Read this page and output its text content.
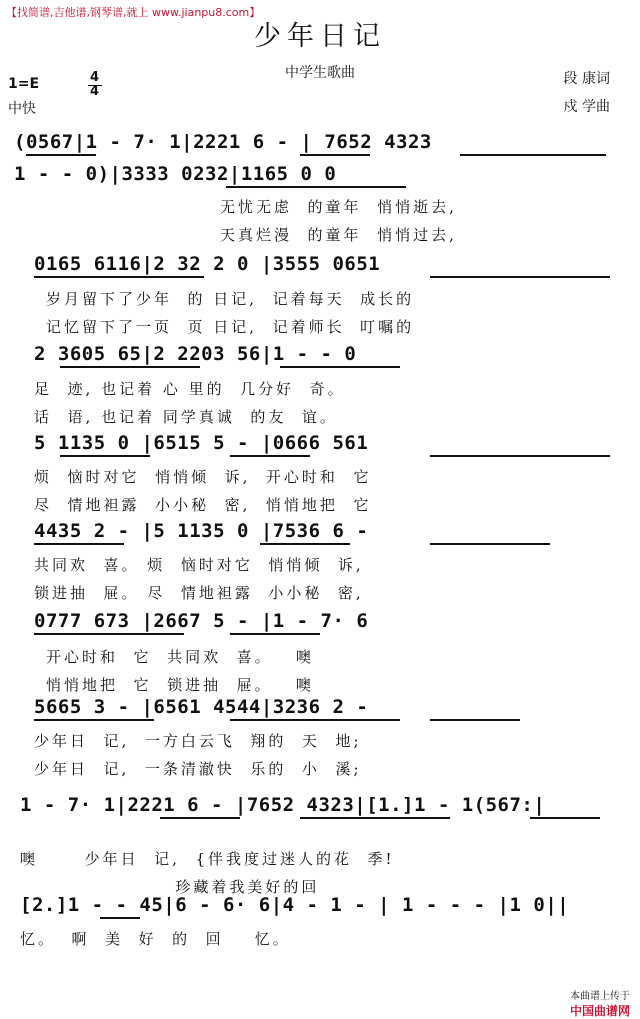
【找简谱,吉他谱,钢琴谱,就上 www.jianpu8.com】
少年日记
中学生歌曲	段 康词
戍 学曲

1=E

	4

4

中快
(0567|1 - 7· 1|2221 6 - | 7652 4323
1 - - 0)|3333 0232|1165 0 0
无忧无虑  的童年  悄悄逝去,
天真烂漫  的童年  悄悄过去,
0165 6116|2 32 2 0 |3555 0651
岁月留下了少年  的 日记,  记着每天  成长的
记忆留下了一页  页 日记,  记着师长  叮嘱的
2 3605 65|2 2203 56|1 - - 0
足  迹, 也记着 心 里的  几分好  奇。
话  语, 也记着 同学真诚  的友  谊。
5 1135 0 |6515 5 - |0666 561
烦  恼时对它  悄悄倾  诉,  开心时和  它
尽  情地袒露  小小秘  密,  悄悄地把  它
4435 2 - |5 1135 0 |7536 6 -
共同欢  喜。 烦  恼时对它  悄悄倾  诉,
锁进抽  屉。 尽  情地袒露  小小秘  密,
0777 673 |2667 5 - |1 - 7· 6
开心时和  它  共同欢  喜。   噢
悄悄地把  它  锁进抽  屉。   噢
5665 3 - |6561 4544|3236 2 -
少年日  记,  一方白云飞  翔的  天  地;
少年日  记,  一条清澈快  乐的  小  溪;
1 - 7· 1|2221 6 - |7652 4323|[1.]1 - 1(567:|
噢      少年日  记,  {伴我度过迷人的花  季!
珍藏着我美好的回
[2.]1 - - 45|6 - 6· 6|4 - 1 - | 1 - - - |1 0||
忆。  啊  美  好  的  回    忆。

本曲谱上传于
中国曲谱网
